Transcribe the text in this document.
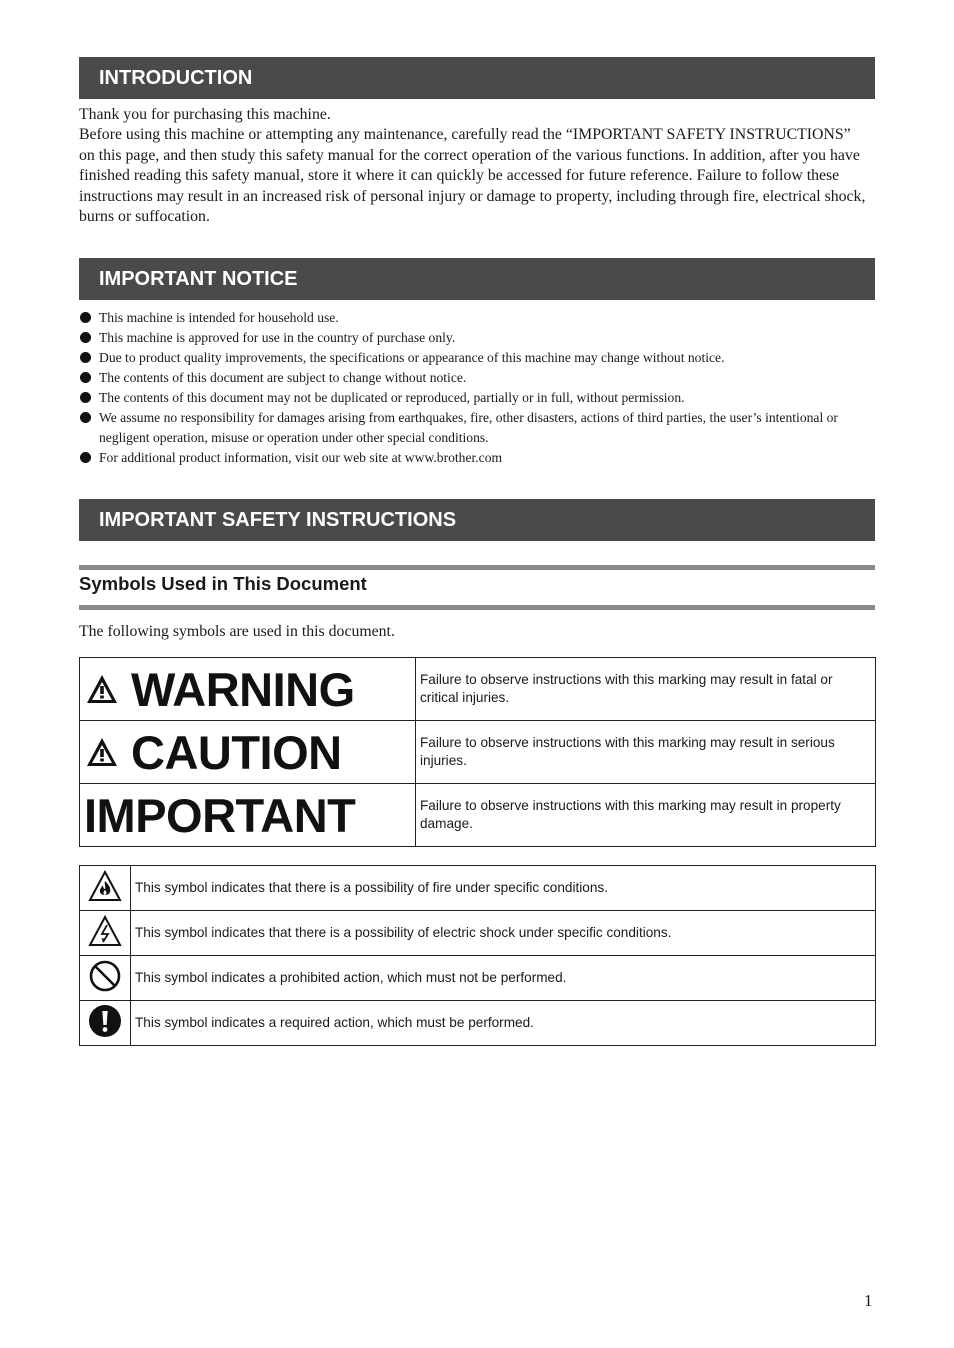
INTRODUCTION

Thank you for purchasing this machine.

Before using this machine or attempting any maintenance, carefully read the “IMPORTANT SAFETY INSTRUCTIONS” on this page, and then study this safety manual for the correct operation of the various functions. In addition, after you have finished reading this safety manual, store it where it can quickly be accessed for future reference. Failure to follow these instructions may result in an increased risk of personal injury or damage to property, including through fire, electrical shock, burns or suffocation.

IMPORTANT NOTICE
This machine is intended for household use.
This machine is approved for use in the country of purchase only.
Due to product quality improvements, the specifications or appearance of this machine may change without notice.
The contents of this document are subject to change without notice.
The contents of this document may not be duplicated or reproduced, partially or in full, without permission.
We assume no responsibility for damages arising from earthquakes, fire, other disasters, actions of third parties, the user’s intentional or negligent operation, misuse or operation under other special conditions.
For additional product information, visit our web site at www.brother.com
IMPORTANT SAFETY INSTRUCTIONS
Symbols Used in This Document
The following symbols are used in this document.
WARNING	Failure to observe instructions with this marking may result in fatal or critical injuries.

CAUTION	Failure to observe instructions with this marking may result in serious injuries.

IMPORTANT	Failure to observe instructions with this marking may result in property damage.
	This symbol indicates that there is a possibility of fire under specific conditions.
	This symbol indicates that there is a possibility of electric shock under specific conditions.
	This symbol indicates a prohibited action, which must not be performed.
	This symbol indicates a required action, which must be performed.
1
